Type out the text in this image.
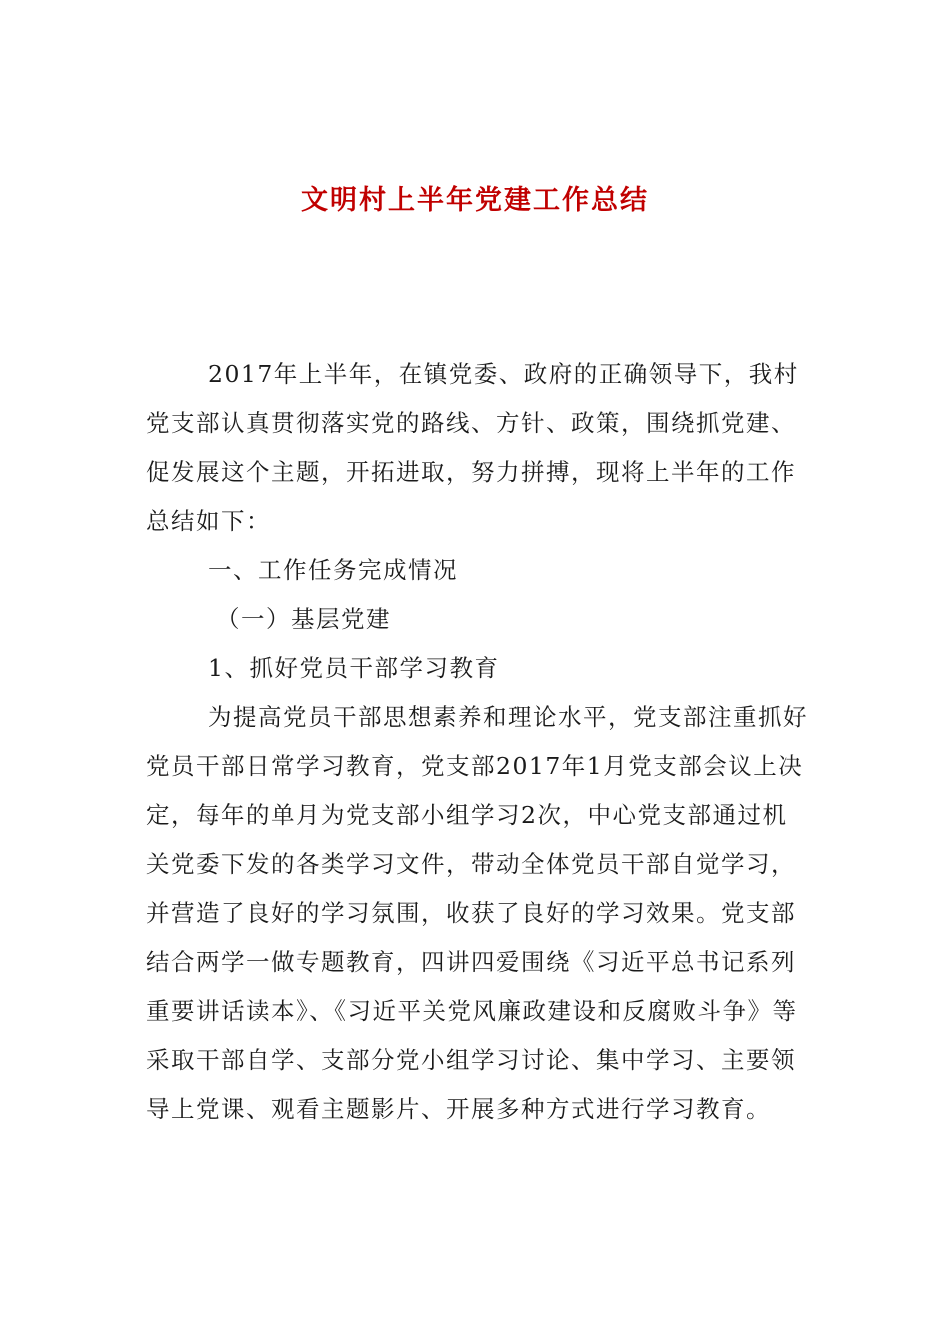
文明村上半年党建工作总结

2017年上半年，在镇党委、政府的正确领导下，我村党支部认真贯彻落实党的路线、方针、政策，围绕抓党建、促发展这个主题，开拓进取，努力拼搏，现将上半年的工作总结如下：

一、工作任务完成情况

（一）基层党建

1、抓好党员干部学习教育

为提高党员干部思想素养和理论水平，党支部注重抓好党员干部日常学习教育，党支部2017年1月党支部会议上决定，每年的单月为党支部小组学习2次，中心党支部通过机关党委下发的各类学习文件，带动全体党员干部自觉学习，并营造了良好的学习氛围，收获了良好的学习效果。党支部结合两学一做专题教育，四讲四爱围绕《习近平总书记系列重要讲话读本》、《习近平关党风廉政建设和反腐败斗争》等采取干部自学、支部分党小组学习讨论、集中学习、主要领导上党课、观看主题影片、开展多种方式进行学习教育。
